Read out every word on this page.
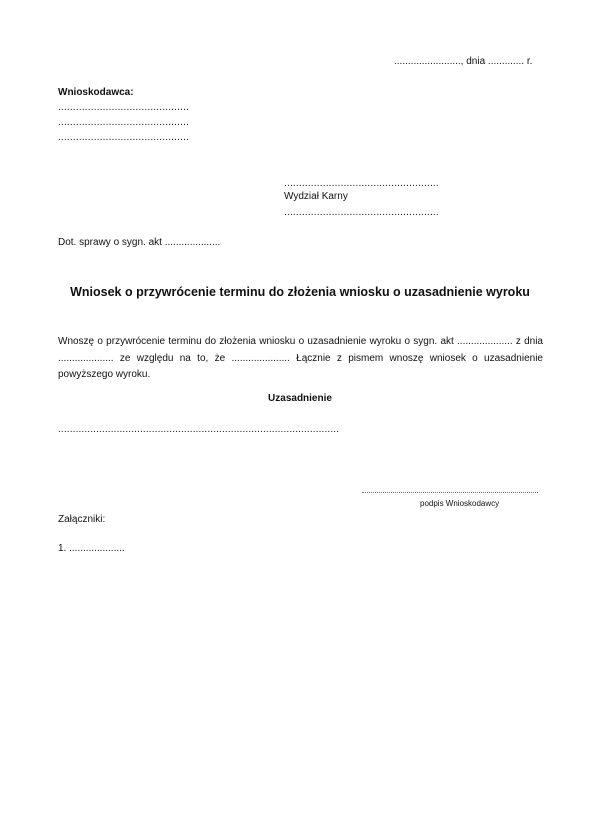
........................, dnia ............. r.
Wnioskodawca:
............................................
............................................
............................................
....................................................
Wydział Karny
....................................................
Dot. sprawy o sygn. akt ....................
Wniosek o przywrócenie terminu do złożenia wniosku o uzasadnienie wyroku
Wnoszę o przywrócenie terminu do złożenia wniosku o uzasadnienie wyroku o sygn. akt .................... z dnia .................... ze względu na to, że ..................... Łącznie z pismem wnoszę wniosek o uzasadnienie powyższego wyroku.
Uzasadnienie
................................................................................................
podpis Wnioskodawcy
Załączniki:
1. ....................
